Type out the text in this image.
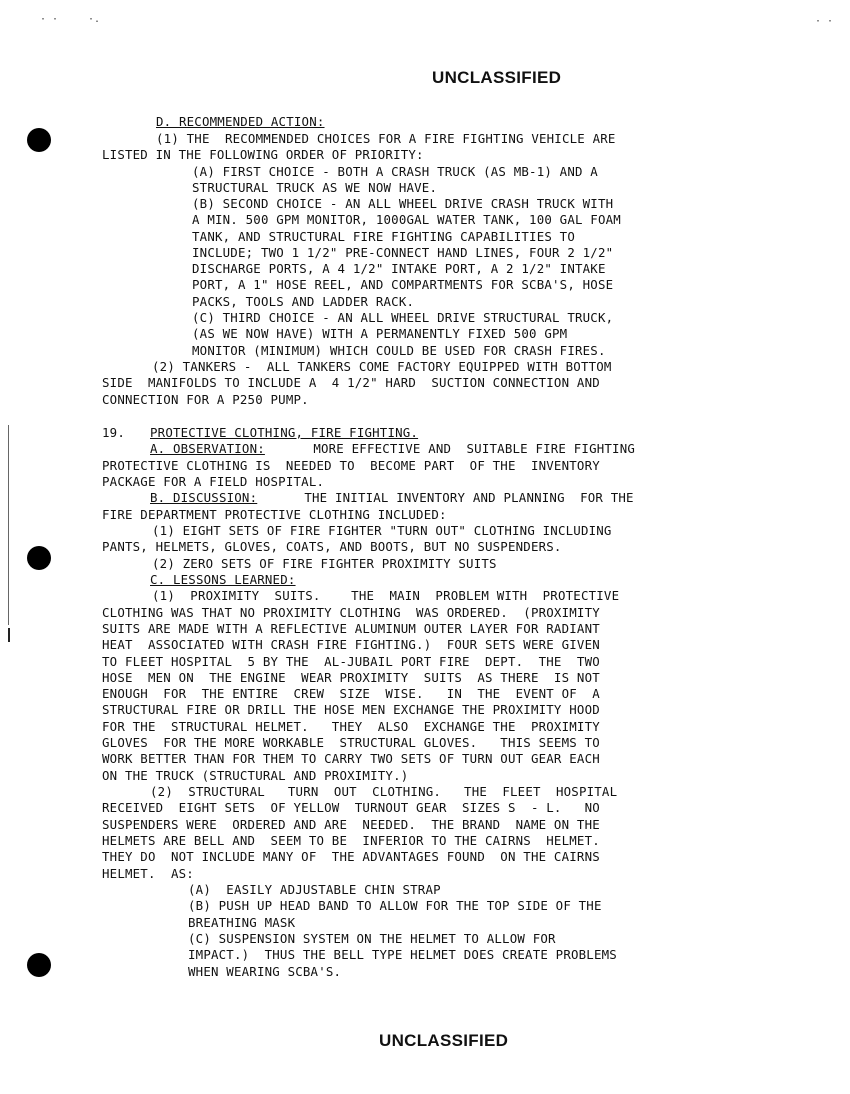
· ·	·.	· ·
UNCLASSIFIED
D. RECOMMENDED ACTION:
(1) THE  RECOMMENDED CHOICES FOR A FIRE FIGHTING VEHICLE ARE
LISTED IN THE FOLLOWING ORDER OF PRIORITY:
(A) FIRST CHOICE - BOTH A CRASH TRUCK (AS MB-1) AND A
STRUCTURAL TRUCK AS WE NOW HAVE.
(B) SECOND CHOICE - AN ALL WHEEL DRIVE CRASH TRUCK WITH
A MIN. 500 GPM MONITOR, 1000GAL WATER TANK, 100 GAL FOAM
TANK, AND STRUCTURAL FIRE FIGHTING CAPABILITIES TO
INCLUDE; TWO 1 1/2" PRE-CONNECT HAND LINES, FOUR 2 1/2"
DISCHARGE PORTS, A 4 1/2" INTAKE PORT, A 2 1/2" INTAKE
PORT, A 1" HOSE REEL, AND COMPARTMENTS FOR SCBA'S, HOSE
PACKS, TOOLS AND LADDER RACK.
(C) THIRD CHOICE - AN ALL WHEEL DRIVE STRUCTURAL TRUCK,
(AS WE NOW HAVE) WITH A PERMANENTLY FIXED 500 GPM
MONITOR (MINIMUM) WHICH COULD BE USED FOR CRASH FIRES.
(2) TANKERS -  ALL TANKERS COME FACTORY EQUIPPED WITH BOTTOM
SIDE  MANIFOLDS TO INCLUDE A  4 1/2" HARD  SUCTION CONNECTION AND
CONNECTION FOR A P250 PUMP.
19. PROTECTIVE CLOTHING, FIRE FIGHTING.
A. OBSERVATION:	MORE EFFECTIVE AND  SUITABLE FIRE FIGHTING
PROTECTIVE CLOTHING IS  NEEDED TO  BECOME PART  OF THE  INVENTORY
PACKAGE FOR A FIELD HOSPITAL.
B. DISCUSSION:	THE INITIAL INVENTORY AND PLANNING  FOR THE
FIRE DEPARTMENT PROTECTIVE CLOTHING INCLUDED:
(1) EIGHT SETS OF FIRE FIGHTER "TURN OUT" CLOTHING INCLUDING
PANTS, HELMETS, GLOVES, COATS, AND BOOTS, BUT NO SUSPENDERS.
(2) ZERO SETS OF FIRE FIGHTER PROXIMITY SUITS
C. LESSONS LEARNED:
(1)  PROXIMITY  SUITS.    THE  MAIN  PROBLEM WITH  PROTECTIVE
CLOTHING WAS THAT NO PROXIMITY CLOTHING  WAS ORDERED.  (PROXIMITY
SUITS ARE MADE WITH A REFLECTIVE ALUMINUM OUTER LAYER FOR RADIANT
HEAT  ASSOCIATED WITH CRASH FIRE FIGHTING.)  FOUR SETS WERE GIVEN
TO FLEET HOSPITAL  5 BY THE  AL-JUBAIL PORT FIRE  DEPT.  THE  TWO
HOSE  MEN ON  THE ENGINE  WEAR PROXIMITY  SUITS  AS THERE  IS NOT
ENOUGH  FOR  THE ENTIRE  CREW  SIZE  WISE.   IN  THE  EVENT OF  A
STRUCTURAL FIRE OR DRILL THE HOSE MEN EXCHANGE THE PROXIMITY HOOD
FOR THE  STRUCTURAL HELMET.   THEY  ALSO  EXCHANGE THE  PROXIMITY
GLOVES  FOR THE MORE WORKABLE  STRUCTURAL GLOVES.   THIS SEEMS TO
WORK BETTER THAN FOR THEM TO CARRY TWO SETS OF TURN OUT GEAR EACH
ON THE TRUCK (STRUCTURAL AND PROXIMITY.)
(2)  STRUCTURAL   TURN  OUT  CLOTHING.   THE  FLEET  HOSPITAL
RECEIVED  EIGHT SETS  OF YELLOW  TURNOUT GEAR  SIZES S  - L.   NO
SUSPENDERS WERE  ORDERED AND ARE  NEEDED.  THE BRAND  NAME ON THE
HELMETS ARE BELL AND  SEEM TO BE  INFERIOR TO THE CAIRNS  HELMET.
THEY DO  NOT INCLUDE MANY OF  THE ADVANTAGES FOUND  ON THE CAIRNS
HELMET.  AS:
(A)  EASILY ADJUSTABLE CHIN STRAP
(B) PUSH UP HEAD BAND TO ALLOW FOR THE TOP SIDE OF THE
BREATHING MASK
(C) SUSPENSION SYSTEM ON THE HELMET TO ALLOW FOR
IMPACT.)  THUS THE BELL TYPE HELMET DOES CREATE PROBLEMS
WHEN WEARING SCBA'S.
UNCLASSIFIED
